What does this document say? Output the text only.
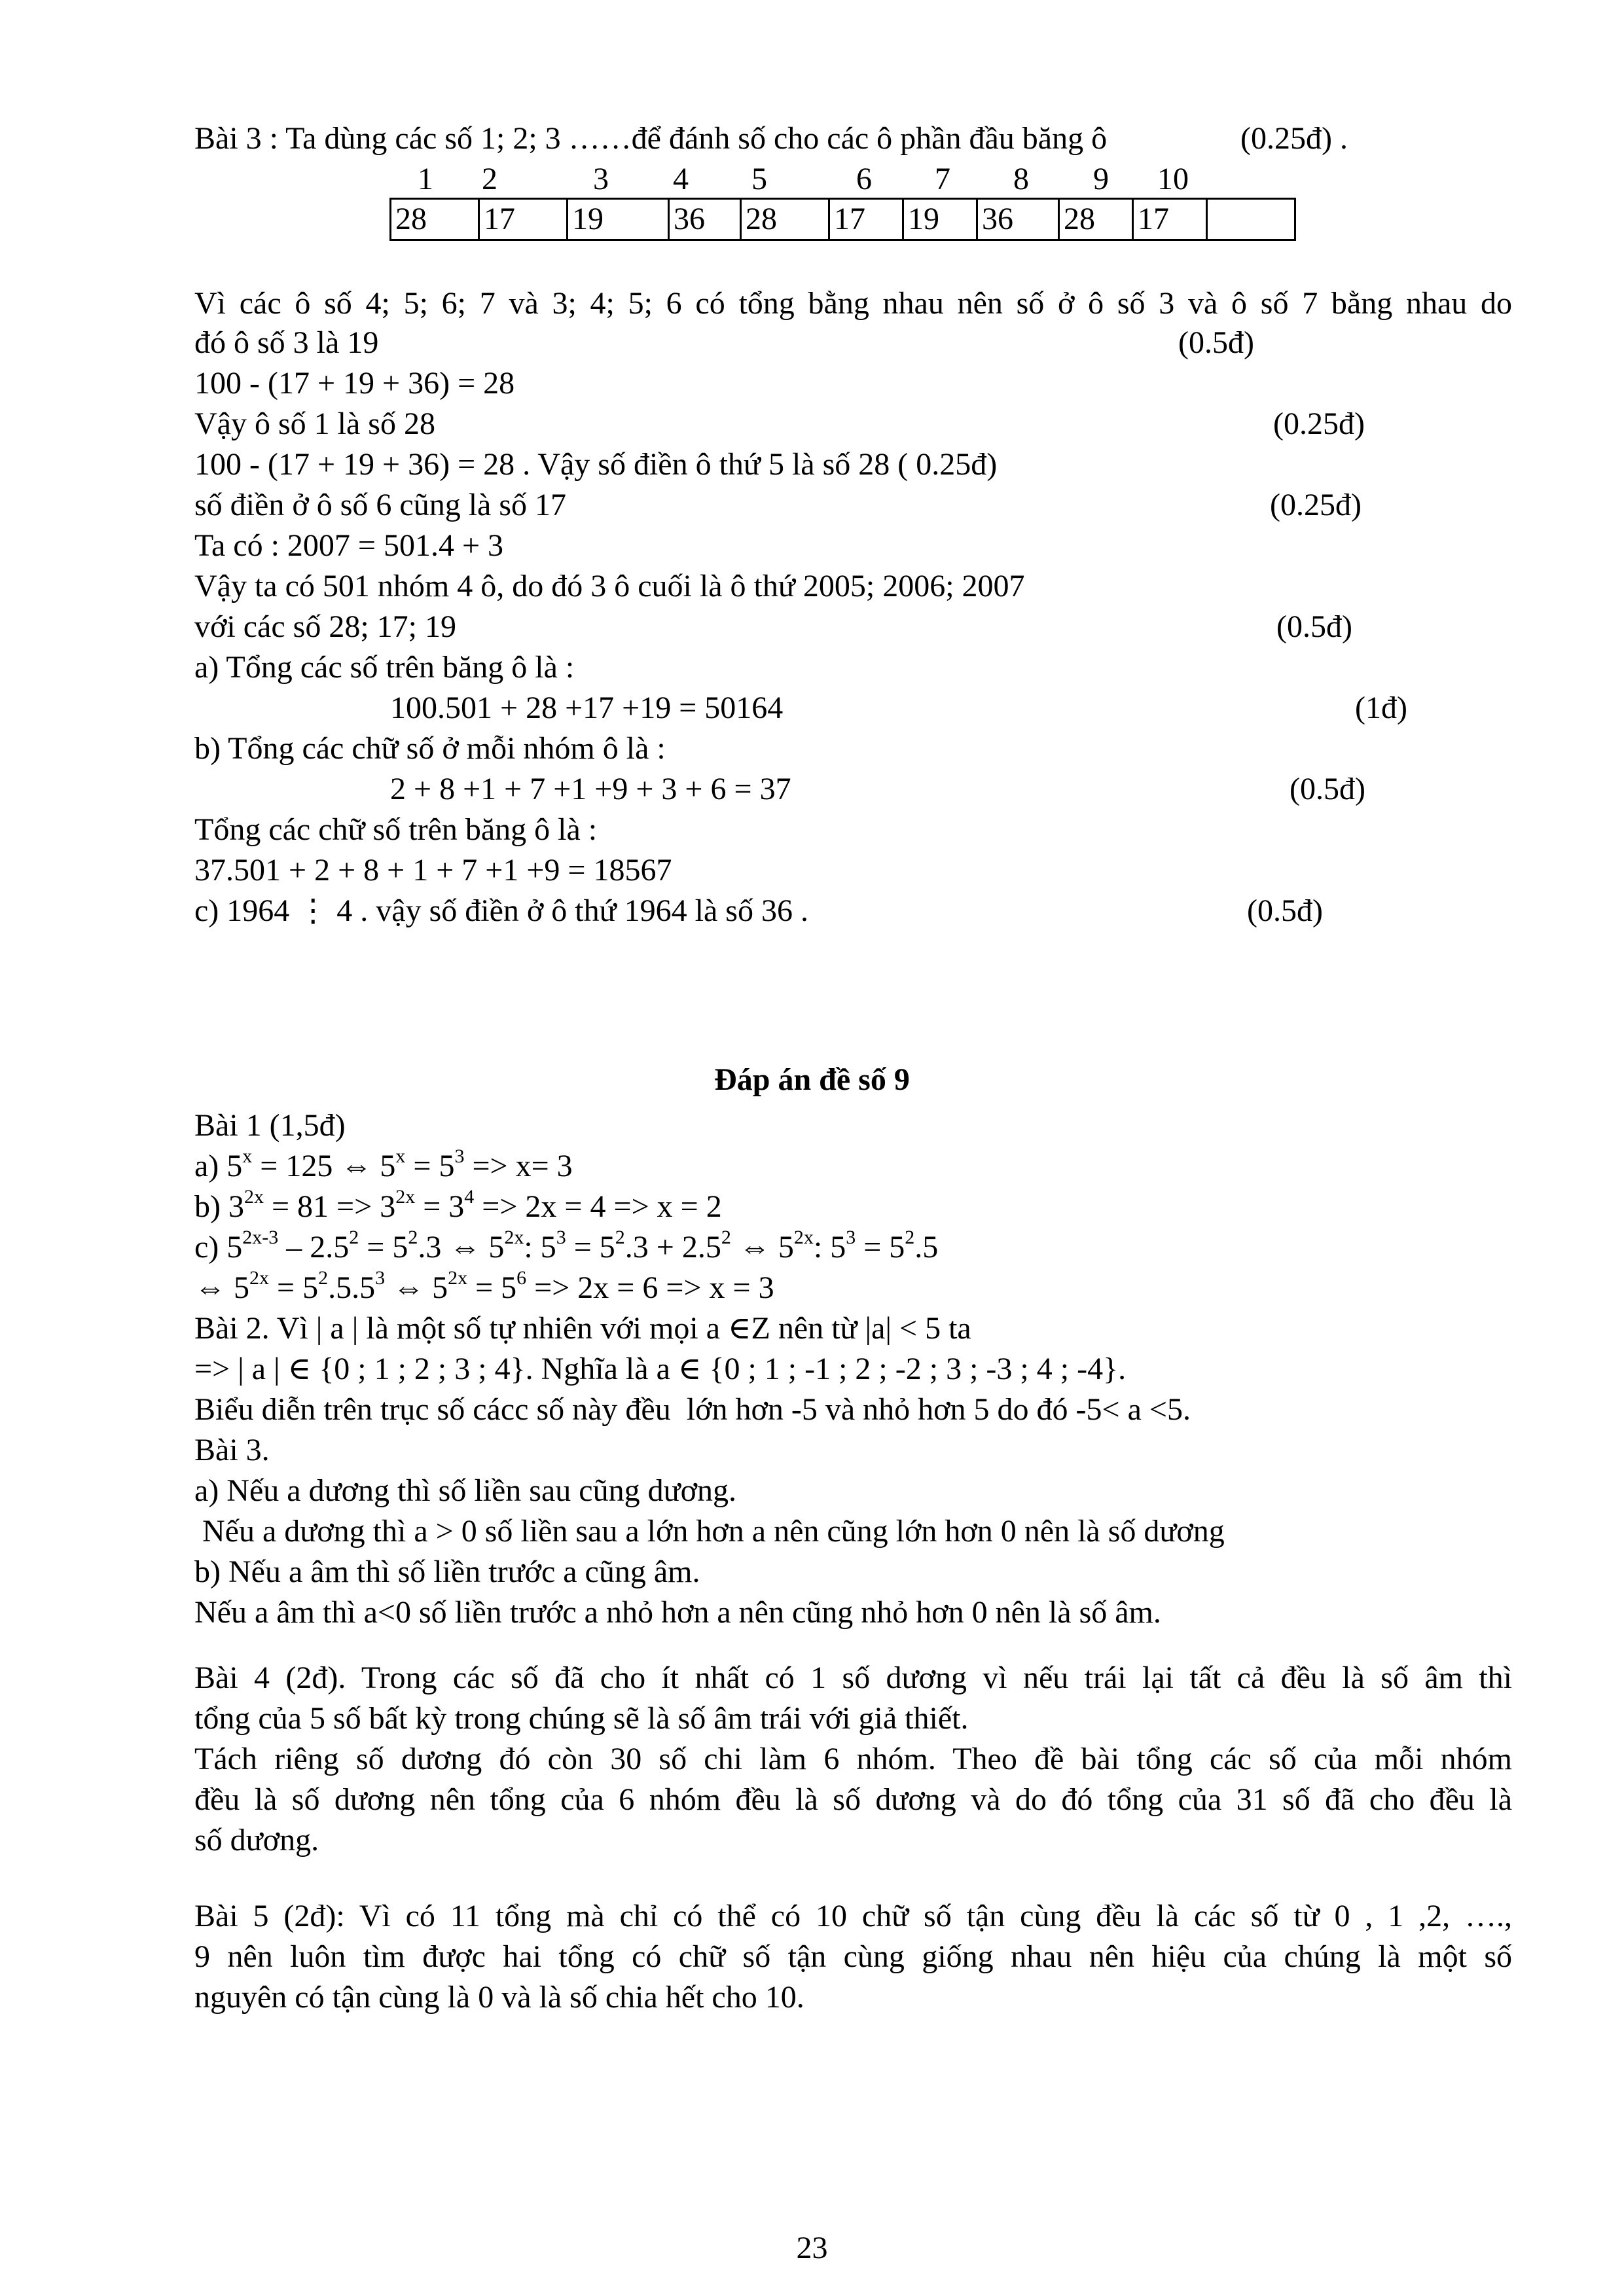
Bài 3 : Ta dùng các số 1; 2; 3 ……để đánh số cho các ô phần đầu băng ô	(0.25đ) .
1	2	3	4	5	6	7	8	9	10
28	17	19	36	28	17	19	36	28	17	
Vì các ô số 4; 5; 6; 7 và 3; 4; 5; 6 có tổng bằng nhau nên số ở ô số 3 và ô số 7 bằng nhau do
đó ô số 3 là 19	(0.5đ)
100 - (17 + 19 + 36) = 28
Vậy ô số 1 là số 28	(0.25đ)
100 - (17 + 19 + 36) = 28 . Vậy số điền ô thứ 5 là số 28 ( 0.25đ)
số điền ở ô số 6 cũng là số 17	(0.25đ)
Ta có : 2007 = 501.4 + 3
Vậy ta có 501 nhóm 4 ô, do đó 3 ô cuối là ô thứ 2005; 2006; 2007
với các số 28; 17; 19	(0.5đ)
a) Tổng các số trên băng ô là :
100.501 + 28 +17 +19 = 50164	(1đ)
b) Tổng các chữ số ở mỗi nhóm ô là :
2 + 8 +1 + 7 +1 +9 + 3 + 6 = 37	(0.5đ)
Tổng các chữ số trên băng ô là :
37.501 + 2 + 8 + 1 + 7 +1 +9 = 18567
c) 1964 ⋮ 4 . vậy số điền ở ô thứ 1964 là số 36 .	(0.5đ)
Đáp án đề số 9
Bài 1 (1,5đ)
a) $5^x = 125$ ⇔ $5^x = 5^3 => x= 3$
b) $3^{2x} = 81 => 3^{2x} = 3^4 => 2x = 4 => x = 2$
c) $5^{2x-3} - 2.5^2 = 5^2.3$ ⇔ $5^{2x}$: $5^3 = 5^2.3 + 2.5^2$ ⇔ $5^{2x}$: $5^3 = 5^2.5$
⇔ $5^{2x} = 5^2.5.5^3$ ⇔ $5^{2x} = 5^6 => 2x = 6 => x = 3$
Bài 2. Vì | a | là một số tự nhiên với mọi a ∈Z nên từ |a| < 5 ta
=> | a | ∈ {0 ; 1 ; 2 ; 3 ; 4}. Nghĩa là a ∈ {0 ; 1 ; -1 ; 2 ; -2 ; 3 ; -3 ; 4 ; -4}.
Biểu diễn trên trục số cácc số này đều  lớn hơn -5 và nhỏ hơn 5 do đó -5< a <5.
Bài 3.
a) Nếu a dương thì số liền sau cũng dương.
Nếu a dương thì a > 0 số liền sau a lớn hơn a nên cũng lớn hơn 0 nên là số dương
b) Nếu a âm thì số liền trước a cũng âm.
Nếu a âm thì a<0 số liền trước a nhỏ hơn a nên cũng nhỏ hơn 0 nên là số âm.
Bài 4 (2đ). Trong các số đã cho ít nhất có 1 số dương vì nếu trái lại tất cả đều là số âm thì
tổng của 5 số bất kỳ trong chúng sẽ là số âm trái với giả thiết.
Tách riêng số dương đó còn 30 số chi làm 6 nhóm. Theo đề bài tổng các số của mỗi nhóm
đều là số dương nên tổng của 6 nhóm đều là số dương và do đó tổng của 31 số đã cho đều là
số dương.
Bài 5 (2đ): Vì có 11 tổng mà chỉ có thể có 10 chữ số tận cùng đều là các số từ 0 , 1 ,2, ….,
9 nên luôn tìm được hai tổng có chữ số tận cùng giống nhau nên hiệu của chúng là một số
nguyên có tận cùng là 0 và là số chia hết cho 10.
23
